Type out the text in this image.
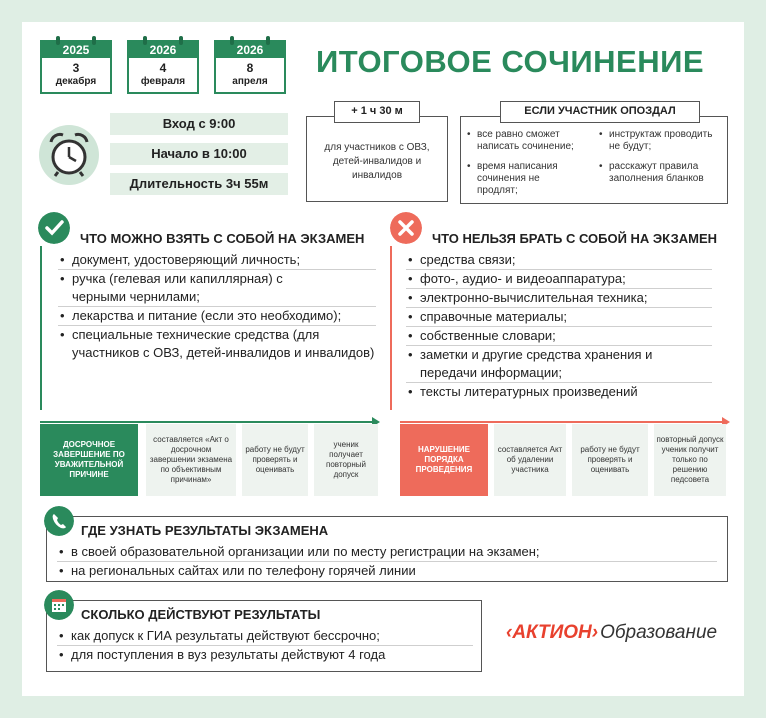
2025
3
декабря
2026
4
февраля
2026
8
апреля
ИТОГОВОЕ СОЧИНЕНИЕ
Вход с 9:00
Начало в 10:00
Длительность 3ч 55м
для участников с ОВЗ, детей-инвалидов и инвалидов
+ 1 ч 30 м
• все равно сможет написать сочинение;
• инструктаж проводить не будут;
• время написания сочинения не продлят;
• расскажут правила заполнения бланков
ЕСЛИ УЧАСТНИК ОПОЗДАЛ
ЧТО МОЖНО ВЗЯТЬ С СОБОЙ НА ЭКЗАМЕН
• документ, удостоверяющий личность;
• ручка (гелевая или капиллярная) с черными чернилами;
• лекарства и питание (если это необходимо);
• специальные технические средства (для участников с ОВЗ, детей-инвалидов и инвалидов)
ЧТО НЕЛЬЗЯ БРАТЬ С СОБОЙ НА ЭКЗАМЕН
• средства связи;
• фото-, аудио- и видеоаппаратура;
• электронно-вычислительная техника;
• справочные материалы;
• собственные словари;
• заметки и другие средства хранения и передачи информации;
• тексты литературных произведений
ДОСРОЧНОЕ ЗАВЕРШЕНИЕ ПО УВАЖИТЕЛЬНОЙ ПРИЧИНЕ
составляется «Акт о досрочном завершении экзамена по объективным причинам»
работу не будут проверять и оценивать
ученик получает повторный допуск
НАРУШЕНИЕ ПОРЯДКА ПРОВЕДЕНИЯ
составляется Акт об удалении участника
работу не будут проверять и оценивать
повторный допуск ученик получит только по решению педсовета
ГДЕ УЗНАТЬ РЕЗУЛЬТАТЫ ЭКЗАМЕНА
• в своей образовательной организации или по месту регистрации на экзамен;
• на региональных сайтах или по телефону горячей линии
СКОЛЬКО ДЕЙСТВУЮТ РЕЗУЛЬТАТЫ
• как допуск к ГИА результаты действуют бессрочно;
• для поступления в вуз результаты действуют 4 года
‹АКТИОН› Образование
